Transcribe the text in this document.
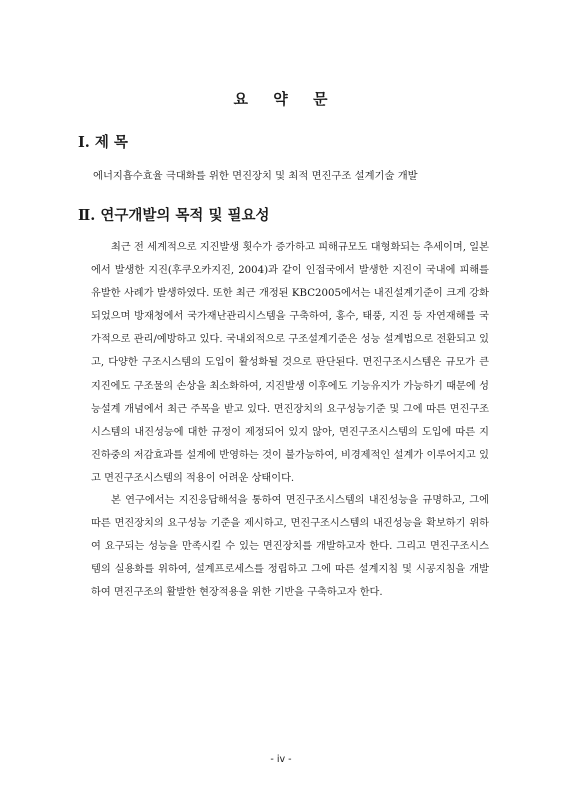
요 약 문
Ⅰ. 제 목
에너지흡수효율 극대화를 위한 면진장치 및 최적 면진구조 설계기술 개발
Ⅱ. 연구개발의 목적 및 필요성

최근 전 세계적으로 지진발생 횟수가 증가하고 피해규모도 대형화되는 추세이며, 일본에서 발생한 지진(후쿠오카지진, 2004)과 같이 인접국에서 발생한 지진이 국내에 피해를 유발한 사례가 발생하였다. 또한 최근 개정된 KBC2005에서는 내진설계기준이 크게 강화되었으며 방재청에서 국가재난관리시스템을 구축하여, 홍수, 태풍, 지진 등 자연재해를 국가적으로 관리/예방하고 있다. 국내외적으로 구조설계기준은 성능 설계법으로 전환되고 있고, 다양한 구조시스템의 도입이 활성화될 것으로 판단된다. 면진구조시스템은 규모가 큰 지진에도 구조물의 손상을 최소화하여, 지진발생 이후에도 기능유지가 가능하기 때문에 성능설계 개념에서 최근 주목을 받고 있다. 면진장치의 요구성능기준 및 그에 따른 면진구조시스템의 내진성능에 대한 규정이 제정되어 있지 않아, 면진구조시스템의 도입에 따른 지진하중의 저감효과를 설계에 반영하는 것이 불가능하여, 비경제적인 설계가 이루어지고 있고 면진구조시스템의 적용이 어려운 상태이다.

본 연구에서는 지진응답해석을 통하여 면진구조시스템의 내진성능을 규명하고, 그에 따른 면진장치의 요구성능 기준을 제시하고, 면진구조시스템의 내진성능을 확보하기 위하여 요구되는 성능을 만족시킬 수 있는 면진장치를 개발하고자 한다. 그리고 면진구조시스템의 실용화를 위하여, 설계프로세스를 정립하고 그에 따른 설계지침 및 시공지침을 개발하여 면진구조의 활발한 현장적용을 위한 기반을 구축하고자 한다.

- iv -
